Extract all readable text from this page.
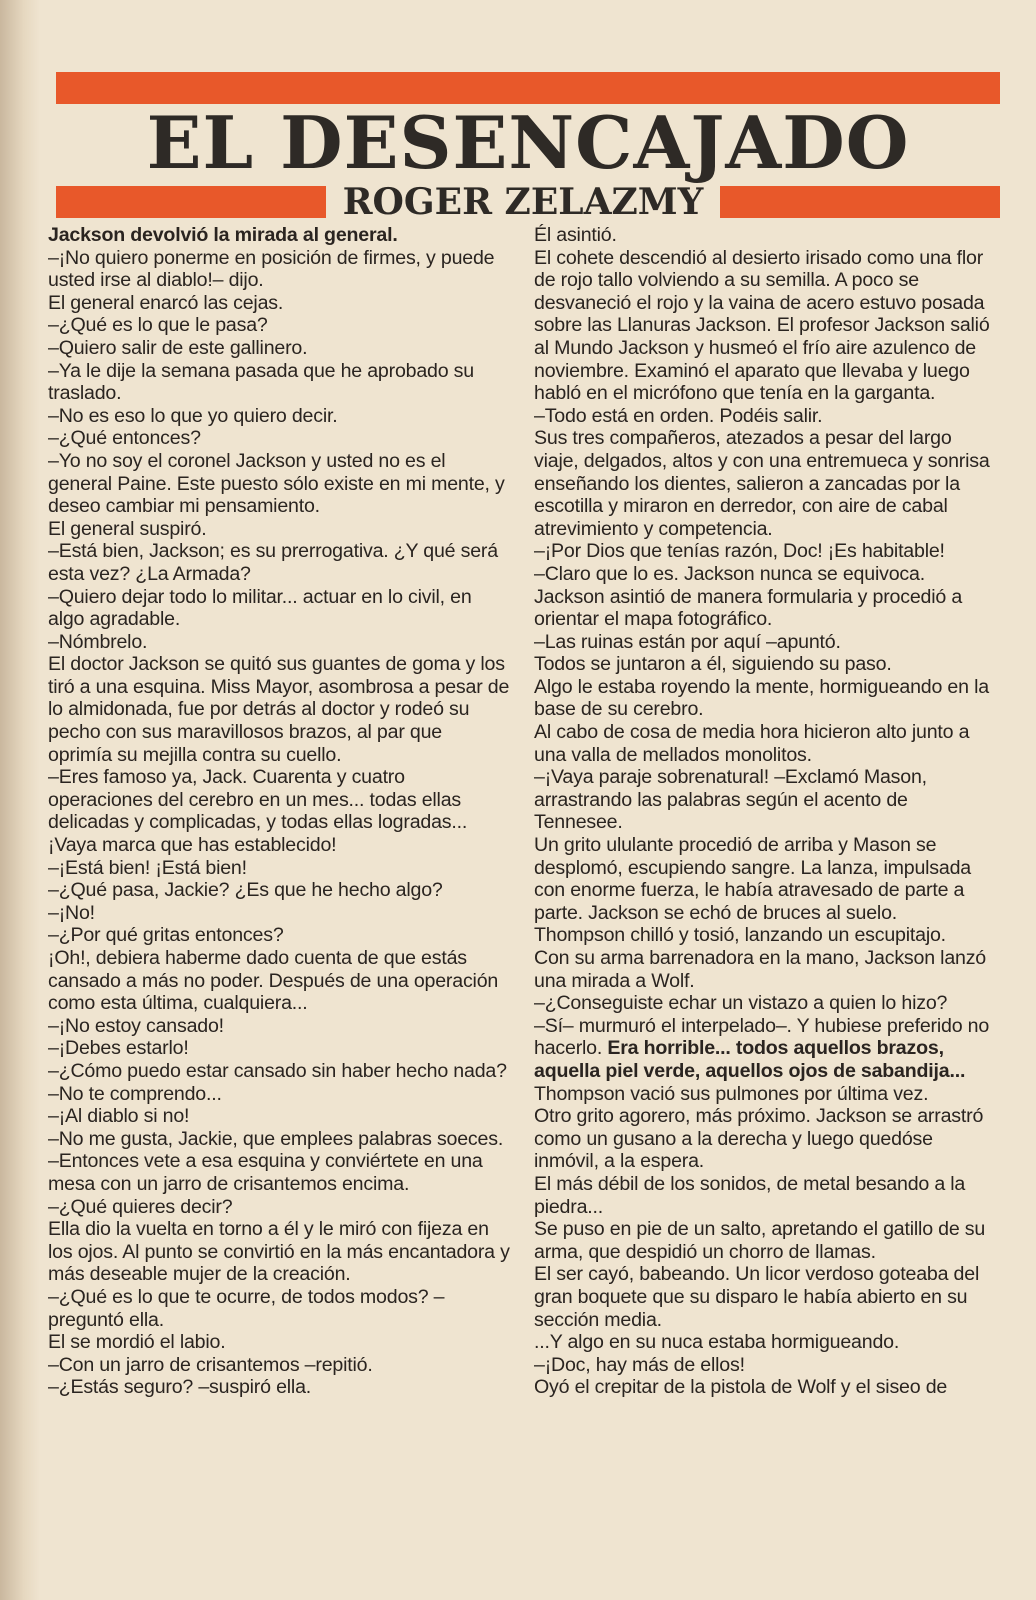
EL DESENCAJADO
ROGER ZELAZMY

Jackson devolvió la mirada al general.

–¡No quiero ponerme en posición de firmes, y puede usted irse al diablo!– dijo.

El general enarcó las cejas.

–¿Qué es lo que le pasa?

–Quiero salir de este gallinero.

–Ya le dije la semana pasada que he aprobado su traslado.

–No es eso lo que yo quiero decir.

–¿Qué entonces?

–Yo no soy el coronel Jackson y usted no es el general Paine. Este puesto sólo existe en mi mente, y deseo cambiar mi pensamiento.

El general suspiró.

–Está bien, Jackson; es su prerrogativa. ¿Y qué será esta vez? ¿La Armada?

–Quiero dejar todo lo militar... actuar en lo civil, en algo agradable.

–Nómbrelo.

El doctor Jackson se quitó sus guantes de goma y los tiró a una esquina. Miss Mayor, asombrosa a pesar de lo almidonada, fue por detrás al doctor y rodeó su pecho con sus maravillosos brazos, al par que oprimía su mejilla contra su cuello.

–Eres famoso ya, Jack. Cuarenta y cuatro operaciones del cerebro en un mes... todas ellas delicadas y complicadas, y todas ellas logradas... ¡Vaya marca que has establecido!

–¡Está bien! ¡Está bien!

–¿Qué pasa, Jackie? ¿Es que he hecho algo?

–¡No!

–¿Por qué gritas entonces?

¡Oh!, debiera haberme dado cuenta de que estás cansado a más no poder. Después de una operación como esta última, cualquiera...

–¡No estoy cansado!

–¡Debes estarlo!

–¿Cómo puedo estar cansado sin haber hecho nada?

–No te comprendo...

–¡Al diablo si no!

–No me gusta, Jackie, que emplees palabras soeces.

–Entonces vete a esa esquina y conviértete en una mesa con un jarro de crisantemos encima.

–¿Qué quieres decir?

Ella dio la vuelta en torno a él y le miró con fijeza en los ojos. Al punto se convirtió en la más encantadora y más deseable mujer de la creación.

–¿Qué es lo que te ocurre, de todos modos? –preguntó ella.

El se mordió el labio.

–Con un jarro de crisantemos –repitió.

–¿Estás seguro? –suspiró ella.

Él asintió.

El cohete descendió al desierto irisado como una flor de rojo tallo volviendo a su semilla. A poco se desvaneció el rojo y la vaina de acero estuvo posada sobre las Llanuras Jackson. El profesor Jackson salió al Mundo Jackson y husmeó el frío aire azulenco de noviembre. Examinó el aparato que llevaba y luego habló en el micrófono que tenía en la garganta.

–Todo está en orden. Podéis salir.

Sus tres compañeros, atezados a pesar del largo viaje, delgados, altos y con una entremueca y sonrisa enseñando los dientes, salieron a zancadas por la escotilla y miraron en derredor, con aire de cabal atrevimiento y competencia.

–¡Por Dios que tenías razón, Doc! ¡Es habitable!

–Claro que lo es. Jackson nunca se equivoca.

Jackson asintió de manera formularia y procedió a orientar el mapa fotográfico.

–Las ruinas están por aquí –apuntó.

Todos se juntaron a él, siguiendo su paso.

Algo le estaba royendo la mente, hormigueando en la base de su cerebro.

Al cabo de cosa de media hora hicieron alto junto a una valla de mellados monolitos.

–¡Vaya paraje sobrenatural! –Exclamó Mason, arrastrando las palabras según el acento de Tennesee.

Un grito ululante procedió de arriba y Mason se desplomó, escupiendo sangre. La lanza, impulsada con enorme fuerza, le había atravesado de parte a parte. Jackson se echó de bruces al suelo.

Thompson chilló y tosió, lanzando un escupitajo.

Con su arma barrenadora en la mano, Jackson lanzó una mirada a Wolf.

–¿Conseguiste echar un vistazo a quien lo hizo?

–Sí– murmuró el interpelado–. Y hubiese preferido no hacerlo. Era horrible... todos aquellos brazos, aquella piel verde, aquellos ojos de sabandija...

Thompson vació sus pulmones por última vez.

Otro grito agorero, más próximo. Jackson se arrastró como un gusano a la derecha y luego quedóse inmóvil, a la espera.

El más débil de los sonidos, de metal besando a la piedra...

Se puso en pie de un salto, apretando el gatillo de su arma, que despidió un chorro de llamas.

El ser cayó, babeando. Un licor verdoso goteaba del gran boquete que su disparo le había abierto en su sección media.

...Y algo en su nuca estaba hormigueando.

–¡Doc, hay más de ellos!

Oyó el crepitar de la pistola de Wolf y el siseo de
